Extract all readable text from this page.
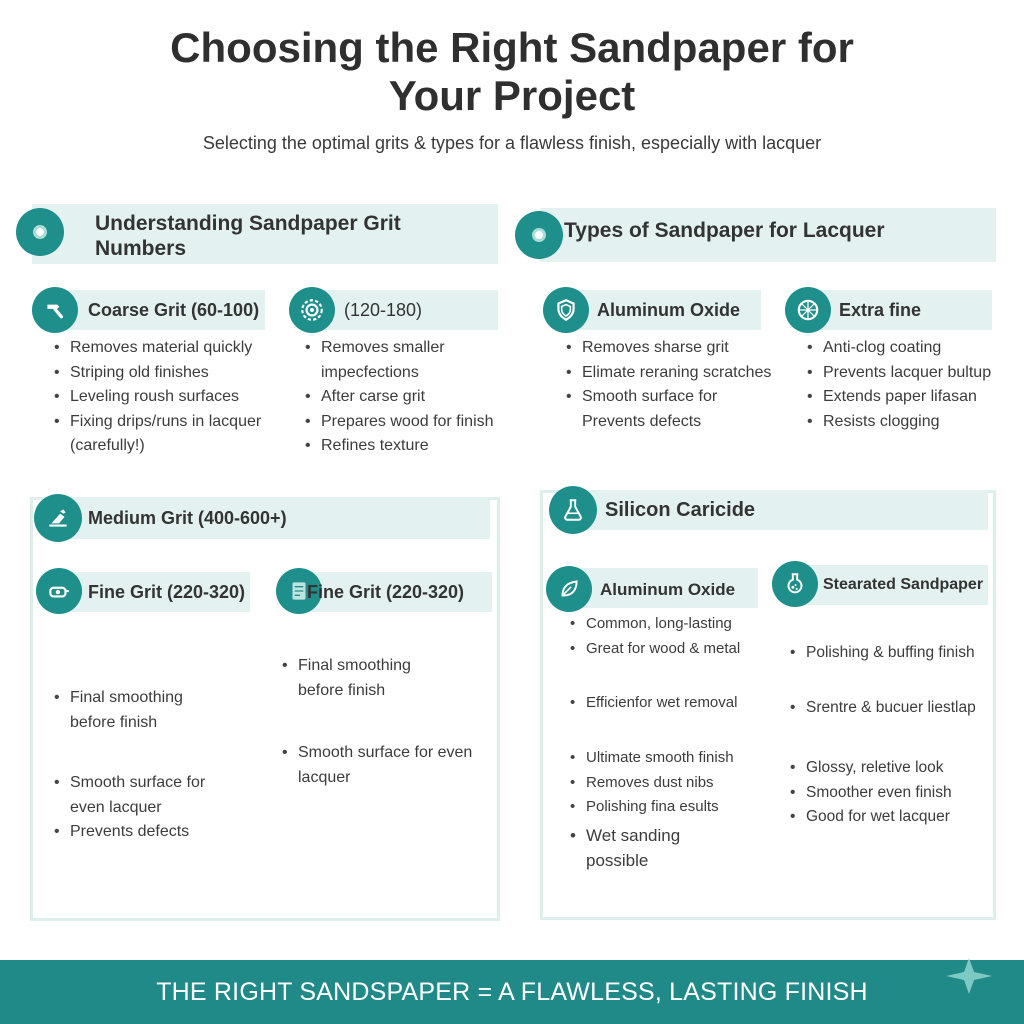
Choosing the Right Sandpaper for
Your Project
Selecting the optimal grits & types for a flawless finish, especially with lacquer
Understanding Sandpaper Grit
Numbers
Types of Sandpaper for Lacquer
Coarse Grit (60-100)
• Removes material quickly
• Striping old finishes
• Leveling roush surfaces
• Fixing drips/runs in lacquer
(carefully!)
(120-180)
• Removes smaller impecfections
• After carse grit
• Prepares wood for finish
• Refines texture
Aluminum Oxide
• Removes sharse grit
• Elimate reraning scratches
• Smooth surface for
Prevents defects
Extra fine
• Anti-clog coating
• Prevents lacquer bultup
• Extends paper lifasan
• Resists clogging
Medium Grit (400-600+)
Fine Grit (220-320)
• Final smoothing
before finish
• Smooth surface for
even lacquer
• Prevents defects
Fine Grit (220-320)
• Final smoothing
before finish
• Smooth surface for even
lacquer
Silicon Caricide
Aluminum Oxide
• Common, long-lasting
• Great for wood & metal
• Efficienfor wet removal
• Ultimate smooth finish
• Removes dust nibs
• Polishing fina esults
• Wet sanding
possible
Stearated Sandpaper
• Polishing & buffing finish
• Srentre & bucuer liestlap
• Glossy, reletive look
• Smoother even finish
• Good for wet lacquer
THE RIGHT SANDSPAPER = A FLAWLESS, LASTING FINISH
